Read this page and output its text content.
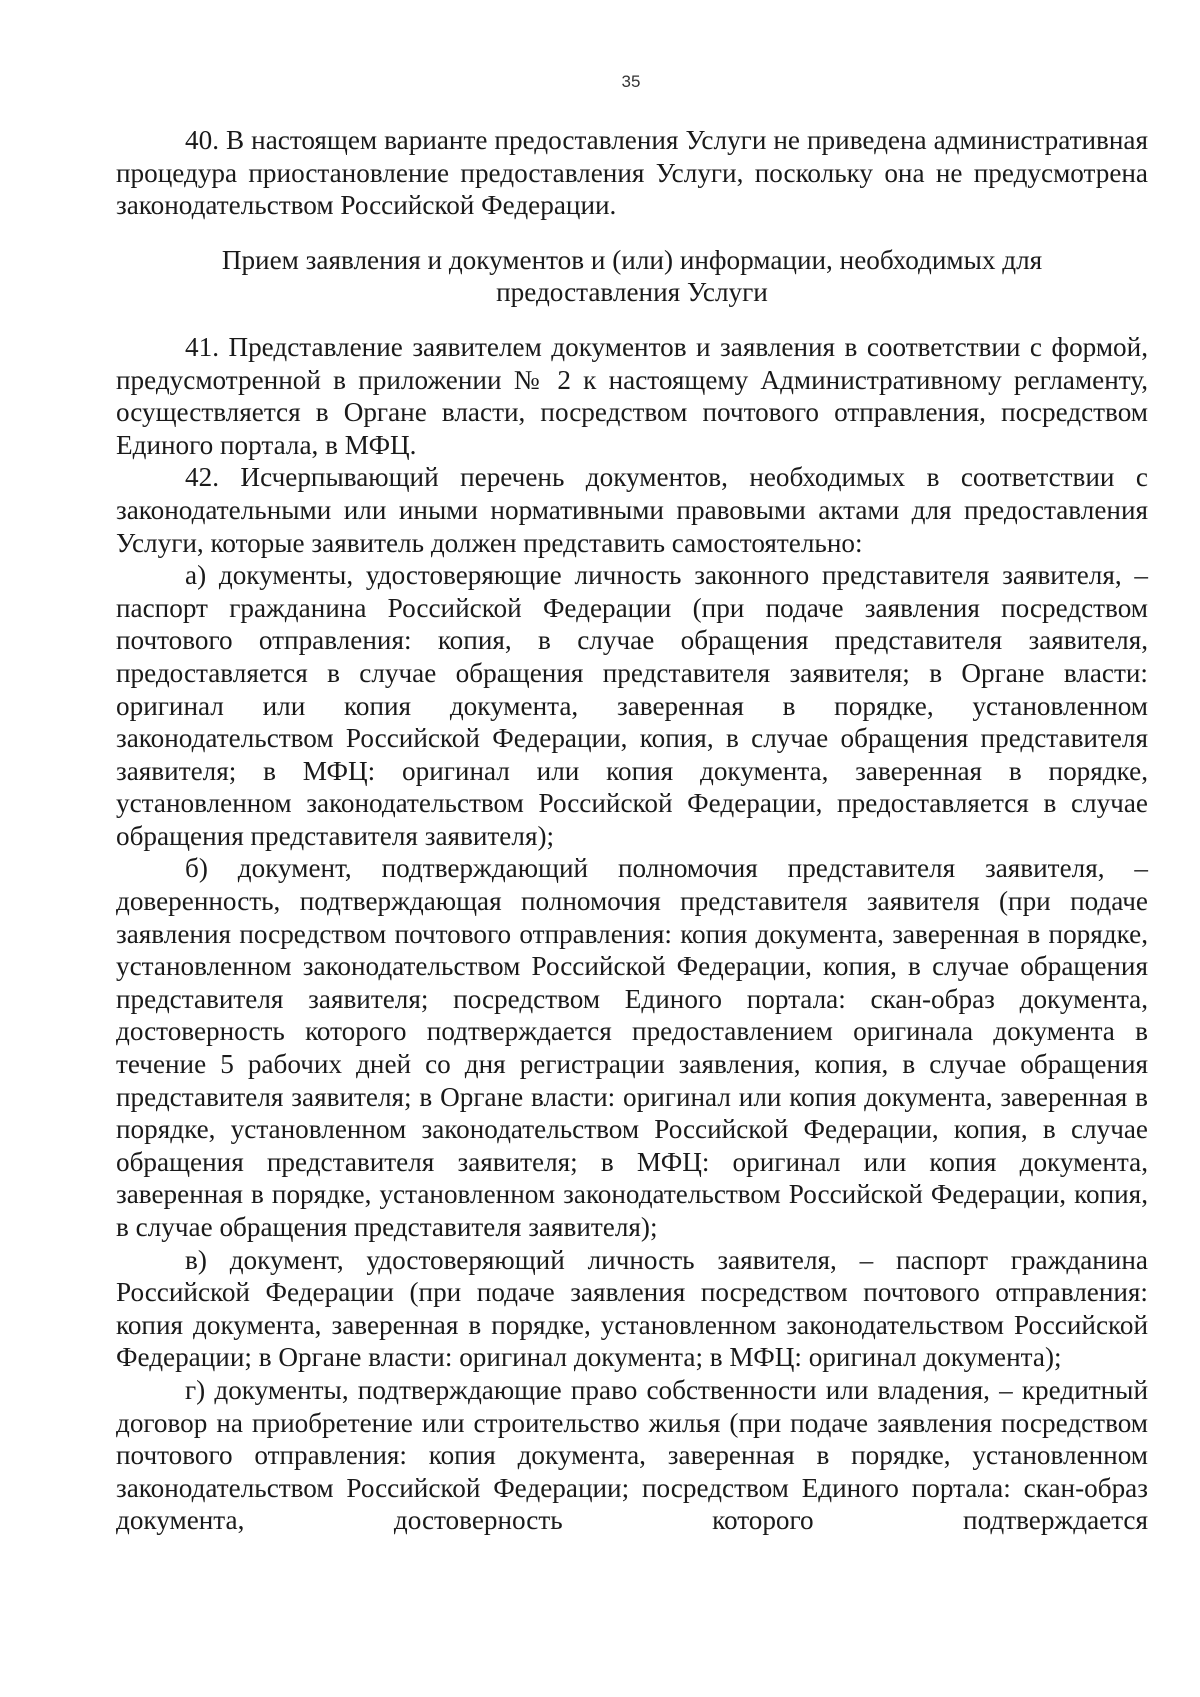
35

40. В настоящем варианте предоставления Услуги не приведена административная процедура приостановление предоставления Услуги, поскольку она не предусмотрена законодательством Российской Федерации.

Прием заявления и документов и (или) информации, необходимых для предоставления Услуги

41. Представление заявителем документов и заявления в соответствии с формой, предусмотренной в приложении № 2 к настоящему Административному регламенту, осуществляется в Органе власти, посредством почтового отправления, посредством Единого портала, в МФЦ.

42. Исчерпывающий перечень документов, необходимых в соответствии с законодательными или иными нормативными правовыми актами для предоставления Услуги, которые заявитель должен представить самостоятельно:

а) документы, удостоверяющие личность законного представителя заявителя, – паспорт гражданина Российской Федерации (при подаче заявления посредством почтового отправления: копия, в случае обращения представителя заявителя, предоставляется в случае обращения представителя заявителя; в Органе власти: оригинал или копия документа, заверенная в порядке, установленном законодательством Российской Федерации, копия, в случае обращения представителя заявителя; в МФЦ: оригинал или копия документа, заверенная в порядке, установленном законодательством Российской Федерации, предоставляется в случае обращения представителя заявителя);

б) документ, подтверждающий полномочия представителя заявителя, – доверенность, подтверждающая полномочия представителя заявителя (при подаче заявления посредством почтового отправления: копия документа, заверенная в порядке, установленном законодательством Российской Федерации, копия, в случае обращения представителя заявителя; посредством Единого портала: скан-образ документа, достоверность которого подтверждается предоставлением оригинала документа в течение 5 рабочих дней со дня регистрации заявления, копия, в случае обращения представителя заявителя; в Органе власти: оригинал или копия документа, заверенная в порядке, установленном законодательством Российской Федерации, копия, в случае обращения представителя заявителя; в МФЦ: оригинал или копия документа, заверенная в порядке, установленном законодательством Российской Федерации, копия, в случае обращения представителя заявителя);

в) документ, удостоверяющий личность заявителя, – паспорт гражданина Российской Федерации (при подаче заявления посредством почтового отправления: копия документа, заверенная в порядке, установленном законодательством Российской Федерации; в Органе власти: оригинал документа; в МФЦ: оригинал документа);

г) документы, подтверждающие право собственности или владения, – кредитный договор на приобретение или строительство жилья (при подаче заявления посредством почтового отправления: копия документа, заверенная в порядке, установленном законодательством Российской Федерации; посредством Единого портала: скан-образ документа, достоверность которого подтверждается
